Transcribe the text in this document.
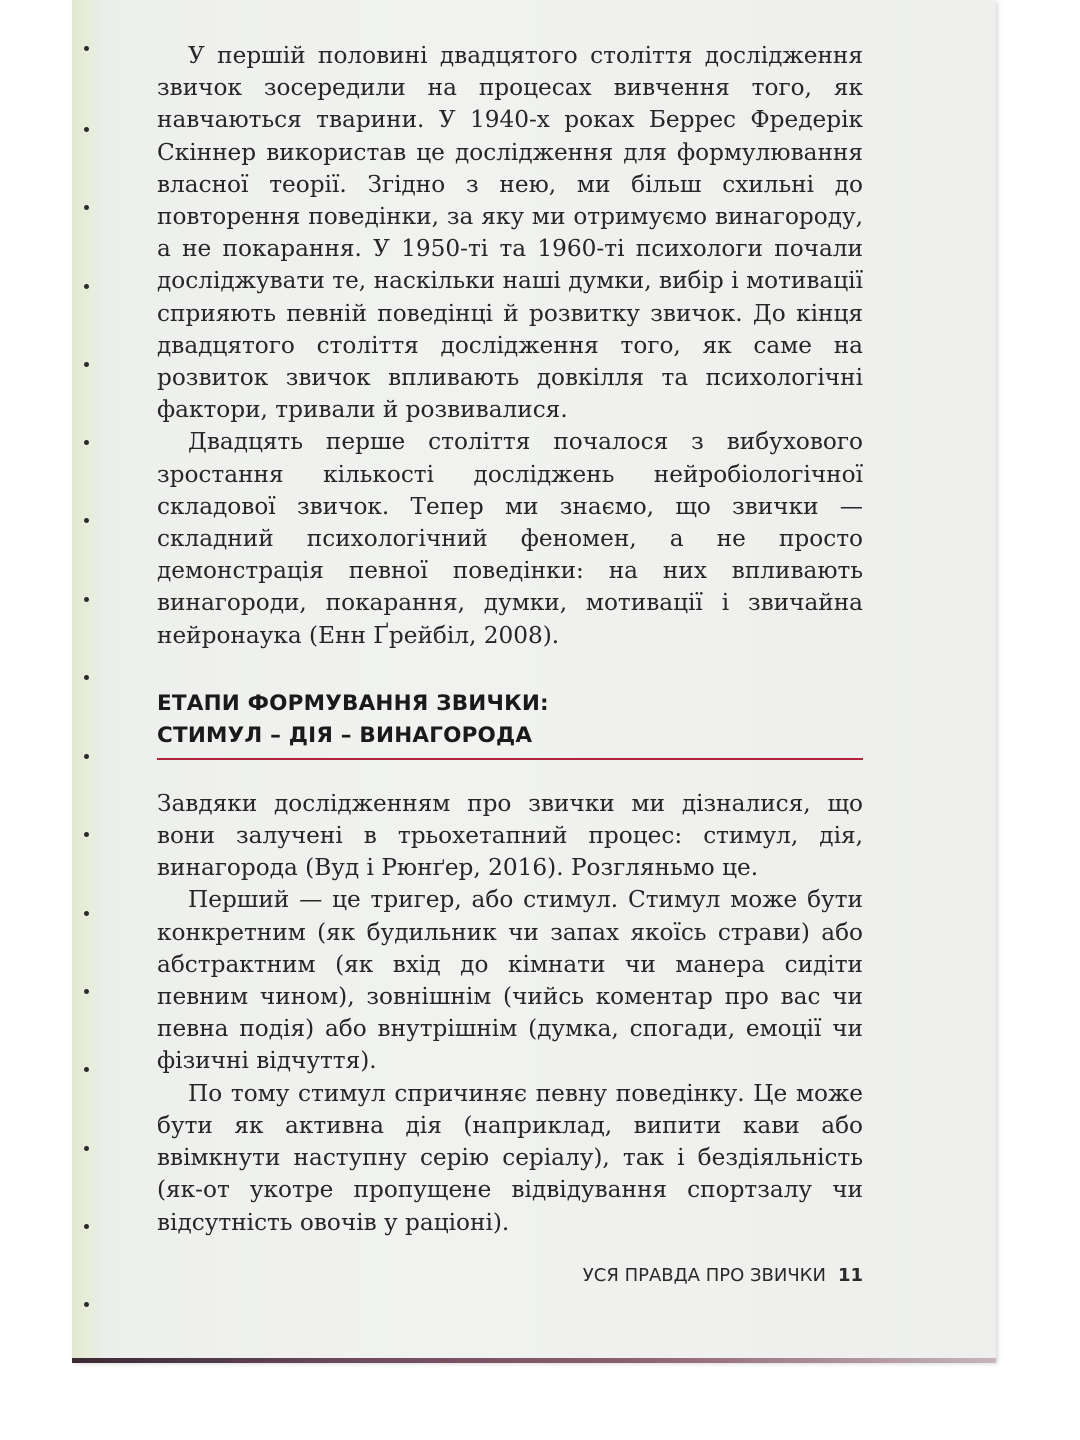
У першій половині двадцятого століття дослідження звичок зосередили на процесах вивчення того, як навчаються тварини. У 1940-х роках Беррес Фредерік Скіннер використав це дослідження для формулювання власної теорії. Згідно з нею, ми більш схильні до повторення поведінки, за яку ми отримуємо винагороду, а не покарання. У 1950-ті та 1960-ті психологи почали досліджувати те, наскільки наші думки, вибір і мотивації сприяють певній поведінці й розвитку звичок. До кінця двадцятого століття дослідження того, як саме на розвиток звичок впливають довкілля та психологічні фактори, тривали й розвивалися.

Двадцять перше століття почалося з вибухового зростання кількості досліджень нейробіологічної складової звичок. Тепер ми знаємо, що звички — складний психологічний феномен, а не просто демонстрація певної поведінки: на них впливають винагороди, покарання, думки, мотивації і звичайна нейронаука (Енн Ґрейбіл, 2008).

ЕТАПИ ФОРМУВАННЯ ЗВИЧКИ:

СТИМУЛ – ДІЯ – ВИНАГОРОДА

Завдяки дослідженням про звички ми дізналися, що вони залучені в трьохетапний процес: стимул, дія, винагорода (Вуд і Рюнґер, 2016). Розгляньмо це.

Перший — це тригер, або стимул. Стимул може бути конкретним (як будильник чи запах якоїсь страви) або абстрактним (як вхід до кімнати чи манера сидіти певним чином), зовнішнім (чийсь коментар про вас чи певна подія) або внутрішнім (думка, спогади, емоції чи фізичні відчуття).

По тому стимул спричиняє певну поведінку. Це може бути як активна дія (наприклад, випити кави або ввімкнути наступну серію серіалу), так і бездіяльність (як-от укотре пропущене відвідування спортзалу чи відсутність овочів у раціоні).

УСЯ ПРАВДА ПРО ЗВИЧКИ 11
